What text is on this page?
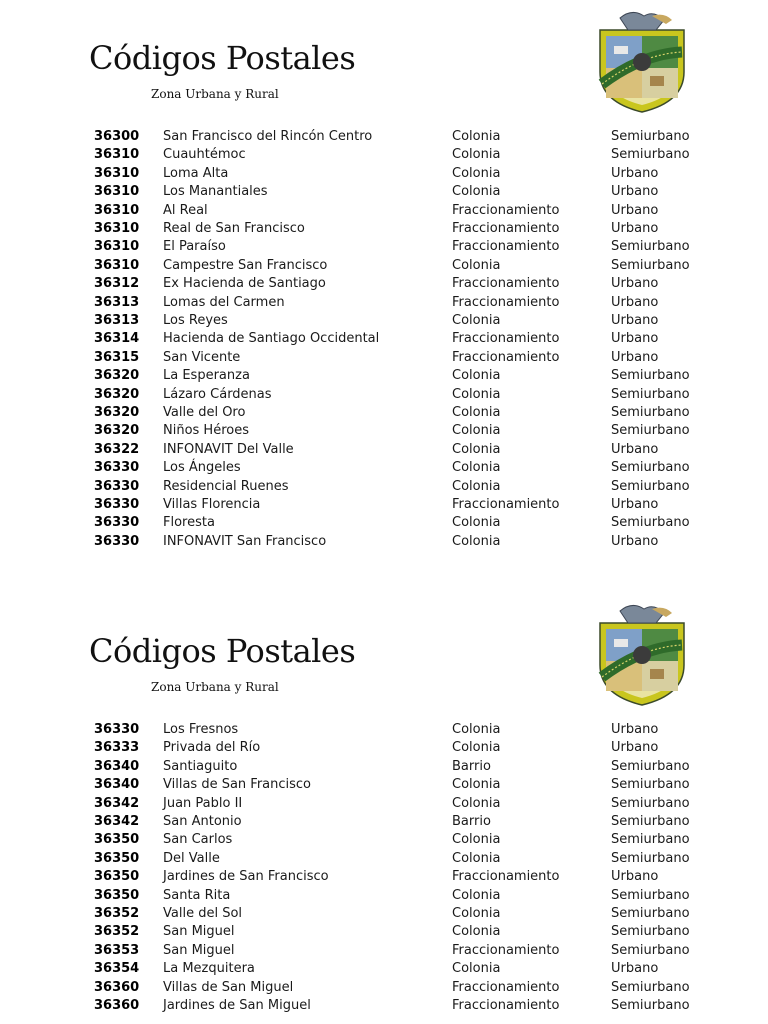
Códigos Postales
Zona Urbana y Rural
36300 San Francisco del Rincón Centro	Colonia	Semiurbano
36310 Cuauhtémoc	Colonia	Semiurbano
36310 Loma Alta	Colonia	Urbano
36310 Los Manantiales	Colonia	Urbano
36310 Al Real	Fraccionamiento	Urbano
36310 Real de San Francisco	Fraccionamiento	Urbano
36310 El Paraíso	Fraccionamiento	Semiurbano
36310 Campestre San Francisco	Colonia	Semiurbano
36312 Ex Hacienda de Santiago	Fraccionamiento	Urbano
36313 Lomas del Carmen	Fraccionamiento	Urbano
36313 Los Reyes	Colonia	Urbano
36314 Hacienda de Santiago Occidental	Fraccionamiento	Urbano
36315 San Vicente	Fraccionamiento	Urbano
36320 La Esperanza	Colonia	Semiurbano
36320 Lázaro Cárdenas	Colonia	Semiurbano
36320 Valle del Oro	Colonia	Semiurbano
36320 Niños Héroes	Colonia	Semiurbano
36322 INFONAVIT Del Valle	Colonia	Urbano
36330 Los Ángeles	Colonia	Semiurbano
36330 Residencial Ruenes	Colonia	Semiurbano
36330 Villas Florencia	Fraccionamiento	Urbano
36330 Floresta	Colonia	Semiurbano
36330 INFONAVIT San Francisco	Colonia	Urbano
Códigos Postales
Zona Urbana y Rural
36330 Los Fresnos	Colonia	Urbano
36333 Privada del Río	Colonia	Urbano
36340 Santiaguito	Barrio	Semiurbano
36340 Villas de San Francisco	Colonia	Semiurbano
36342 Juan Pablo II	Colonia	Semiurbano
36342 San Antonio	Barrio	Semiurbano
36350 San Carlos	Colonia	Semiurbano
36350 Del Valle	Colonia	Semiurbano
36350 Jardines de San Francisco	Fraccionamiento	Urbano
36350 Santa Rita	Colonia	Semiurbano
36352 Valle del Sol	Colonia	Semiurbano
36352 San Miguel	Colonia	Semiurbano
36353 San Miguel	Fraccionamiento	Semiurbano
36354 La Mezquitera	Colonia	Urbano
36360 Villas de San Miguel	Fraccionamiento	Semiurbano
36360 Jardines de San Miguel	Fraccionamiento	Semiurbano
